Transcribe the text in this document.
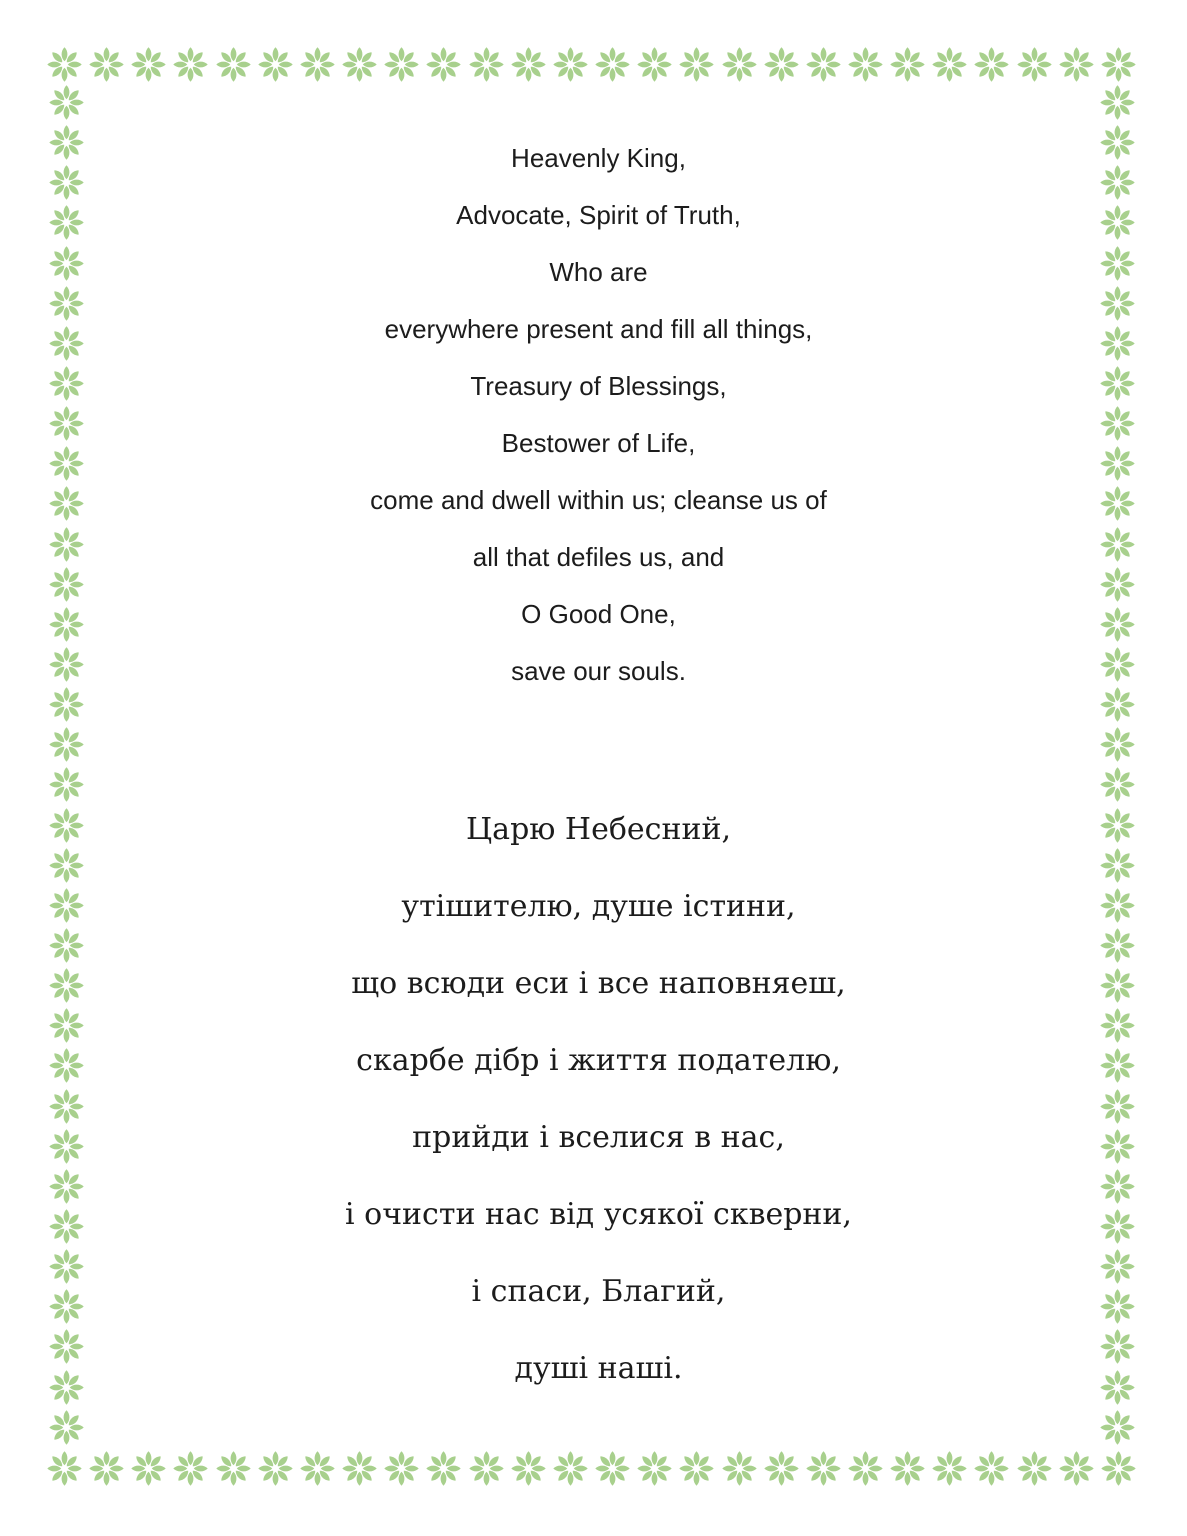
Heavenly King,

Advocate, Spirit of Truth,

Who are

everywhere present and fill all things,

Treasury of Blessings,

Bestower of Life,

come and dwell within us; cleanse us of

all that defiles us, and

O Good One,

save our souls.

Царю Небесний,

утішителю, душе істини,

що всюди еси і все наповняеш,

скарбе дібр і життя подателю,

прийди і вселися в нас,

і очисти нас від усякої скверни,

і спаси, Благий,

душі наші.
